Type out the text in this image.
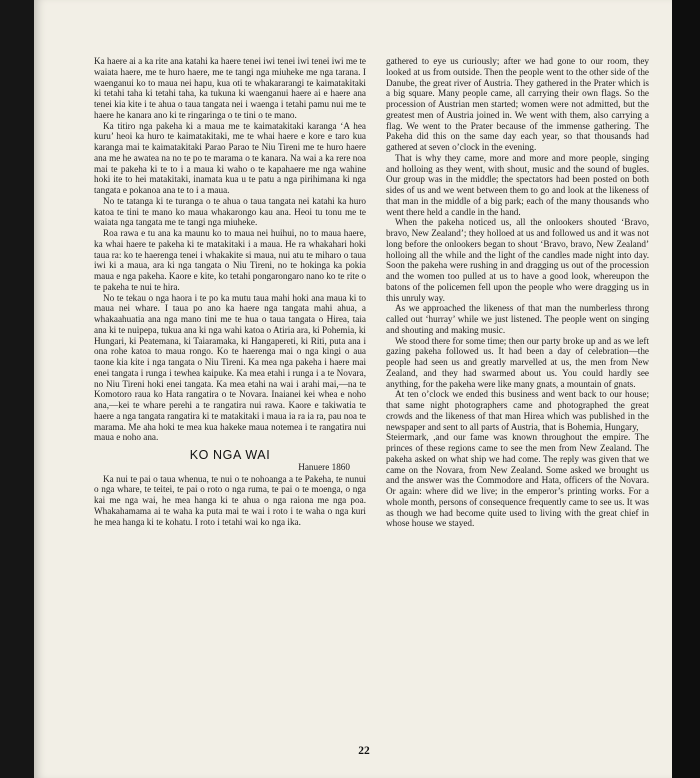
Ka haere ai a ka rite ana katahi ka haere tenei iwi tenei iwi tenei iwi me te waiata haere, me te huro haere, me te tangi nga miuheke me nga tarana. I waenganui ko to maua nei hapu, kua oti te whakararangi te kaimatakitaki ki tetahi taha ki tetahi taha, ka tukuna ki waenganui haere ai e haere ana tenei kia kite i te ahua o taua tangata nei i waenga i tetahi pamu nui me te haere he kanara ano ki te ringaringa o te tini o te mano.

Ka titiro nga pakeha ki a maua me te kaimatakitaki karanga ‘A hea kuru’ heoi ka huro te kaimatakitaki, me te whai haere e kore e taro kua karanga mai te kaimatakitaki Parao Parao te Niu Tireni me te huro haere ana me he awatea na no te po te marama o te kanara. Na wai a ka rere noa mai te pakeha ki te to i a maua ki waho o te kapahaere me nga wahine hoki ite to hei matakitaki, inamata kua u te patu a nga pirihimana ki nga tangata e pokanoa ana te to i a maua.

No te tatanga ki te turanga o te ahua o taua tangata nei katahi ka huro katoa te tini te mano ko maua whakarongo kau ana. Heoi tu tonu me te waiata nga tangata me te tangi nga miuheke.

Roa rawa e tu ana ka maunu ko to maua nei huihui, no to maua haere, ka whai haere te pakeha ki te matakitaki i a maua. He ra whakahari hoki taua ra: ko te haerenga tenei i whakakite si maua, nui atu te miharo o taua iwi ki a maua, ara ki nga tangata o Niu Tireni, no te hokinga ka pokia maua e nga pakeha. Kaore e kite, ko tetahi pongarongaro nano ko te rite o te pakeha te nui te hira.

No te tekau o nga haora i te po ka mutu taua mahi hoki ana maua ki to maua nei whare. I taua po ano ka haere nga tangata mahi ahua, a whakaahuatia ana nga mano tini me te hua o taua tangata o Hirea, taia ana ki te nuipepa, tukua ana ki nga wahi katoa o Atiria ara, ki Pohemia, ki Hungari, ki Peatemana, ki Taiaramaka, ki Hangapereti, ki Riti, puta ana i ona rohe katoa to maua rongo. Ko te haerenga mai o nga kingi o aua taone kia kite i nga tangata o Niu Tireni. Ka mea nga pakeha i haere mai enei tangata i runga i tewhea kaipuke. Ka mea etahi i runga i a te Novara, no Niu Tireni hoki enei tangata. Ka mea etahi na wai i arahi mai,—na te Komotoro raua ko Hata rangatira o te Novara. Inaianei kei whea e noho ana,—kei te whare perehi a te rangatira nui rawa. Kaore e takiwatia te haere a nga tangata rangatira ki te matakitaki i maua ia ra ia ra, pau noa te marama. Me aha hoki te mea kua hakeke maua notemea i te rangatira nui maua e noho ana.

KO NGA WAI
Hanuere 1860

Ka nui te pai o taua whenua, te nui o te nohoanga a te Pakeha, te nunui o nga whare, te teitei, te pai o roto o nga ruma, te pai o te moenga, o nga kai me nga wai, he mea hanga ki te ahua o nga raiona me nga poa. Whakahamama ai te waha ka puta mai te wai i roto i te waha o nga kuri he mea hanga ki te kohatu. I roto i tetahi wai ko nga ika.

gathered to eye us curiously; after we had gone to our room, they looked at us from outside. Then the people went to the other side of the Danube, the great river of Austria. They gathered in the Prater which is a big square. Many people came, all carrying their own flags. So the procession of Austrian men started; women were not admitted, but the greatest men of Austria joined in. We went with them, also carrying a flag. We went to the Prater because of the immense gathering. The Pakeha did this on the same day each year, so that thousands had gathered at seven o’clock in the evening.

That is why they came, more and more and more people, singing and holloing as they went, with shout, music and the sound of bugles. Our group was in the middle; the spectators had been posted on both sides of us and we went between them to go and look at the likeness of that man in the middle of a big park; each of the many thousands who went there held a candle in the hand.

When the pakeha noticed us, all the onlookers shouted ‘Bravo, bravo, New Zealand’; they holloed at us and followed us and it was not long before the onlookers began to shout ‘Bravo, bravo, New Zealand’ holloing all the while and the light of the candles made night into day. Soon the pakeha were rushing in and dragging us out of the procession and the women too pulled at us to have a good look, whereupon the batons of the policemen fell upon the people who were dragging us in this unruly way.

As we approached the likeness of that man the numberless throng called out ‘hurray’ while we just listened. The people went on singing and shouting and making music.

We stood there for some time; then our party broke up and as we left gazing pakeha followed us. It had been a day of celebration—the people had seen us and greatly marvelled at us, the men from New Zealand, and they had swarmed about us. You could hardly see anything, for the pakeha were like many gnats, a mountain of gnats.

At ten o’clock we ended this business and went back to our house; that same night photographers came and photographed the great crowds and the likeness of that man Hirea which was published in the newspaper and sent to all parts of Austria, that is Bohemia, Hungary,

Steiermark, ,and our fame was known throughout the empire. The princes of these regions came to see the men from New Zealand. The pakeha asked on what ship we had come. The reply was given that we came on the Novara, from New Zealand. Some asked we brought us and the answer was the Commodore and Hata, officers of the Novara. Or again: where did we live; in the emperor’s printing works. For a whole month, persons of consequence frequently came to see us. It was as though we had become quite used to living with the great chief in whose house we stayed.

22
